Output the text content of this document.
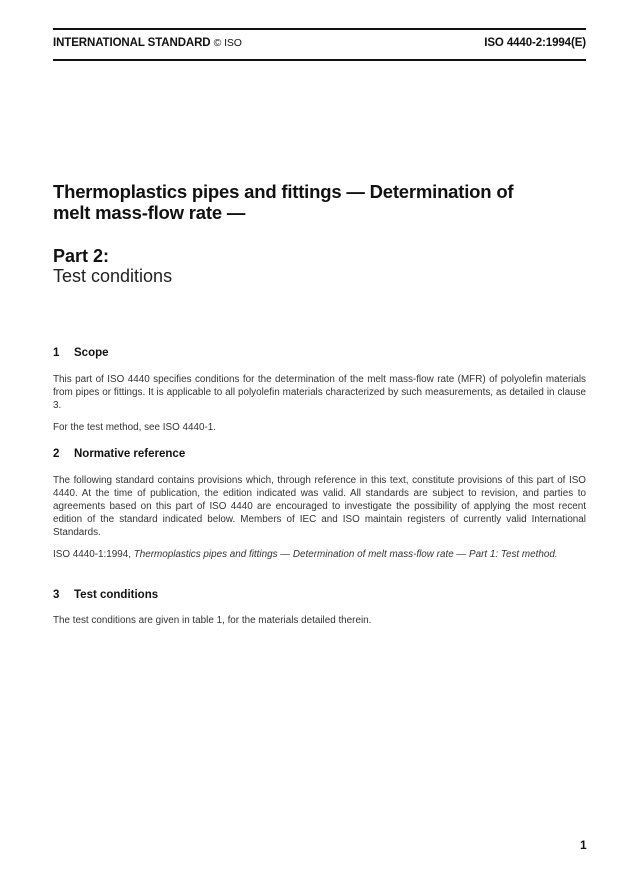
INTERNATIONAL STANDARD © ISO	ISO 4440-2:1994(E)
Thermoplastics pipes and fittings — Determination of
melt mass-flow rate —
Part 2:
Test conditions
1 Scope
This part of ISO 4440 specifies conditions for the determination of the melt mass-flow rate (MFR) of polyolefin materials from pipes or fittings. It is applicable to all polyolefin materials characterized by such measurements, as detailed in clause 3.
For the test method, see ISO 4440-1.
2 Normative reference
The following standard contains provisions which, through reference in this text, constitute provisions of this part of ISO 4440. At the time of publication, the edition indicated was valid. All standards are subject to revision, and parties to agreements based on this part of ISO 4440 are encouraged to investigate the possibility of applying the most recent edition of the standard indicated below. Members of IEC and ISO maintain registers of currently valid International Standards.
ISO 4440-1:1994, Thermoplastics pipes and fittings — Determination of melt mass-flow rate — Part 1: Test method.
3 Test conditions
The test conditions are given in table 1, for the materials detailed therein.
1
